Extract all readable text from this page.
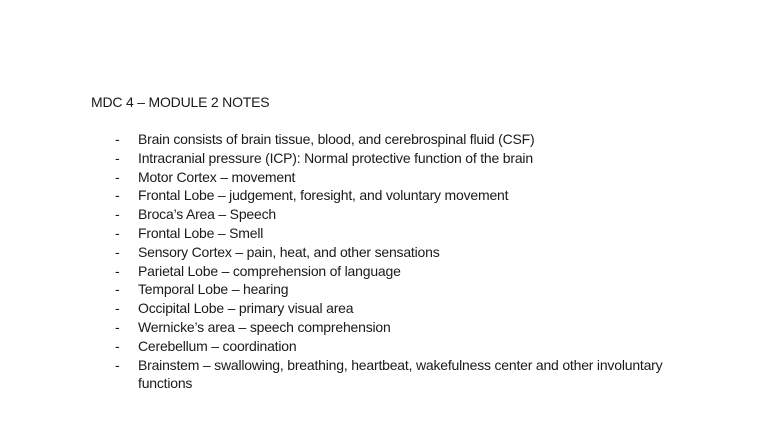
MDC 4 – MODULE 2 NOTES
-	Brain consists of brain tissue, blood, and cerebrospinal fluid (CSF)
-	Intracranial pressure (ICP): Normal protective function of the brain
-	Motor Cortex – movement
-	Frontal Lobe – judgement, foresight, and voluntary movement
-	Broca’s Area – Speech
-	Frontal Lobe – Smell
-	Sensory Cortex – pain, heat, and other sensations
-	Parietal Lobe – comprehension of language
-	Temporal Lobe – hearing
-	Occipital Lobe – primary visual area
-	Wernicke’s area – speech comprehension
-	Cerebellum – coordination
-	Brainstem – swallowing, breathing, heartbeat, wakefulness center and other involuntary functions
